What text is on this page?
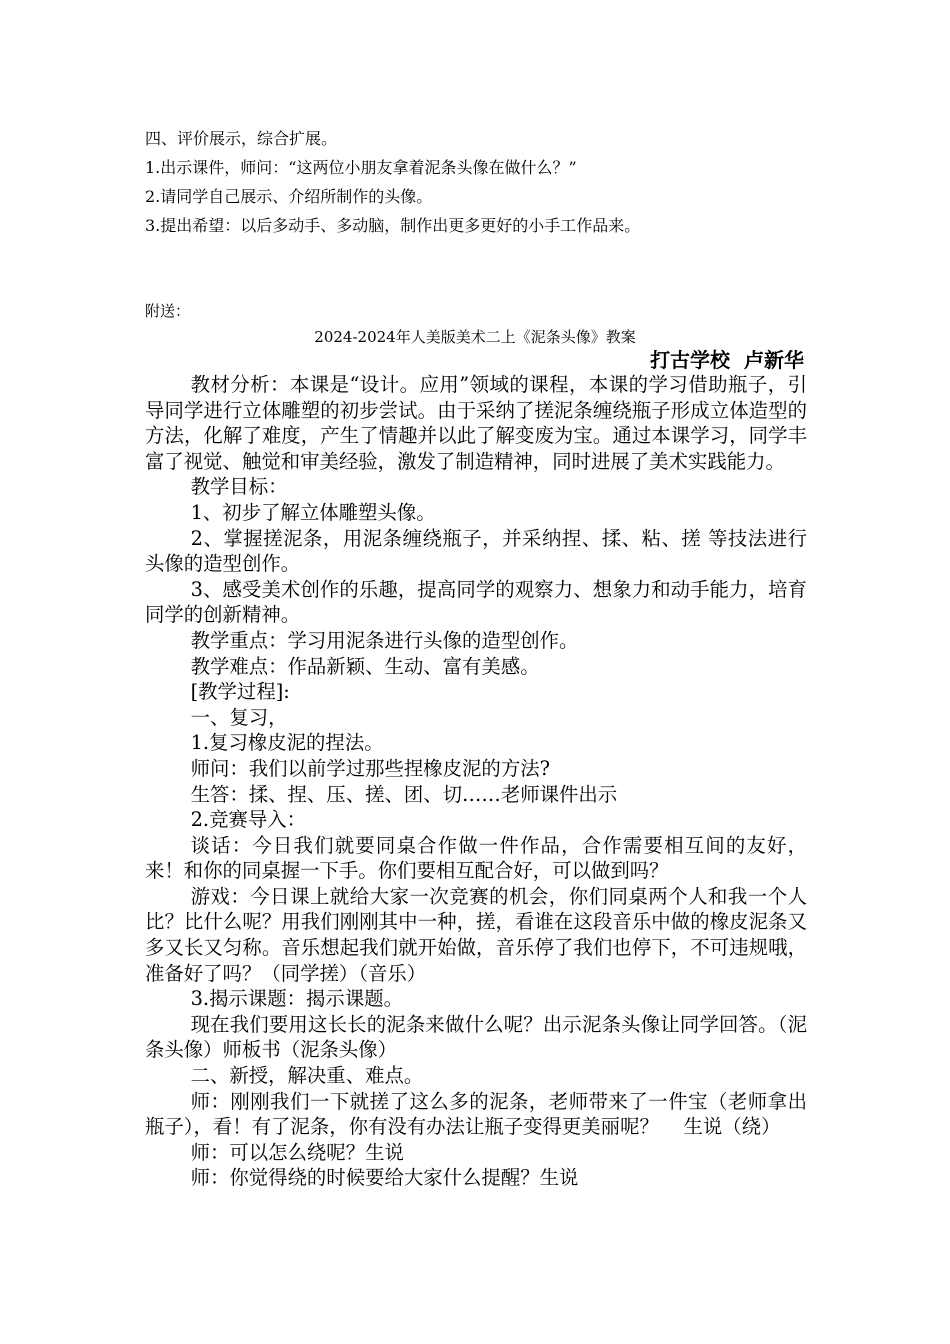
四、评价展示，综合扩展。
1.出示课件，师问：“这两位小朋友拿着泥条头像在做什么？”
2.请同学自己展示、介绍所制作的头像。
3.提出希望：以后多动手、多动脑，制作出更多更好的小手工作品来。
附送：
2024-2024年人美版美术二上《泥条头像》教案
打古学校  卢新华

教材分析：本课是“设计。应用”领域的课程，本课的学习借助瓶子，引导同学进行立体雕塑的初步尝试。由于采纳了搓泥条缠绕瓶子形成立体造型的方法，化解了难度，产生了情趣并以此了解变废为宝。通过本课学习，同学丰富了视觉、触觉和审美经验，激发了制造精神，同时进展了美术实践能力。

教学目标：

1、初步了解立体雕塑头像。

2、掌握搓泥条，用泥条缠绕瓶子，并采纳捏、揉、粘、搓 等技法进行头像的造型创作。

3、感受美术创作的乐趣，提高同学的观察力、想象力和动手能力，培育同学的创新精神。

教学重点：学习用泥条进行头像的造型创作。

教学难点：作品新颖、生动、富有美感。

[教学过程]:

一、复习，

1.复习橡皮泥的捏法。

师问：我们以前学过那些捏橡皮泥的方法?

生答：揉、捏、压、搓、团、切……老师课件出示

2.竞赛导入：

谈话：今日我们就要同桌合作做一件作品，合作需要相互间的友好，来！和你的同桌握一下手。你们要相互配合好，可以做到吗？

游戏：今日课上就给大家一次竞赛的机会，你们同桌两个人和我一个人比？比什么呢？用我们刚刚其中一种，搓，看谁在这段音乐中做的橡皮泥条又多又长又匀称。音乐想起我们就开始做，音乐停了我们也停下，不可违规哦，准备好了吗？（同学搓）（音乐）

3.揭示课题：揭示课题。

现在我们要用这长长的泥条来做什么呢？出示泥条头像让同学回答。（泥条头像）师板书（泥条头像）

二、新授，解决重、难点。

师：刚刚我们一下就搓了这么多的泥条，老师带来了一件宝（老师拿出瓶子），看！有了泥条，你有没有办法让瓶子变得更美丽呢？    生说（绕）

师：可以怎么绕呢？生说

师：你觉得绕的时候要给大家什么提醒？生说
